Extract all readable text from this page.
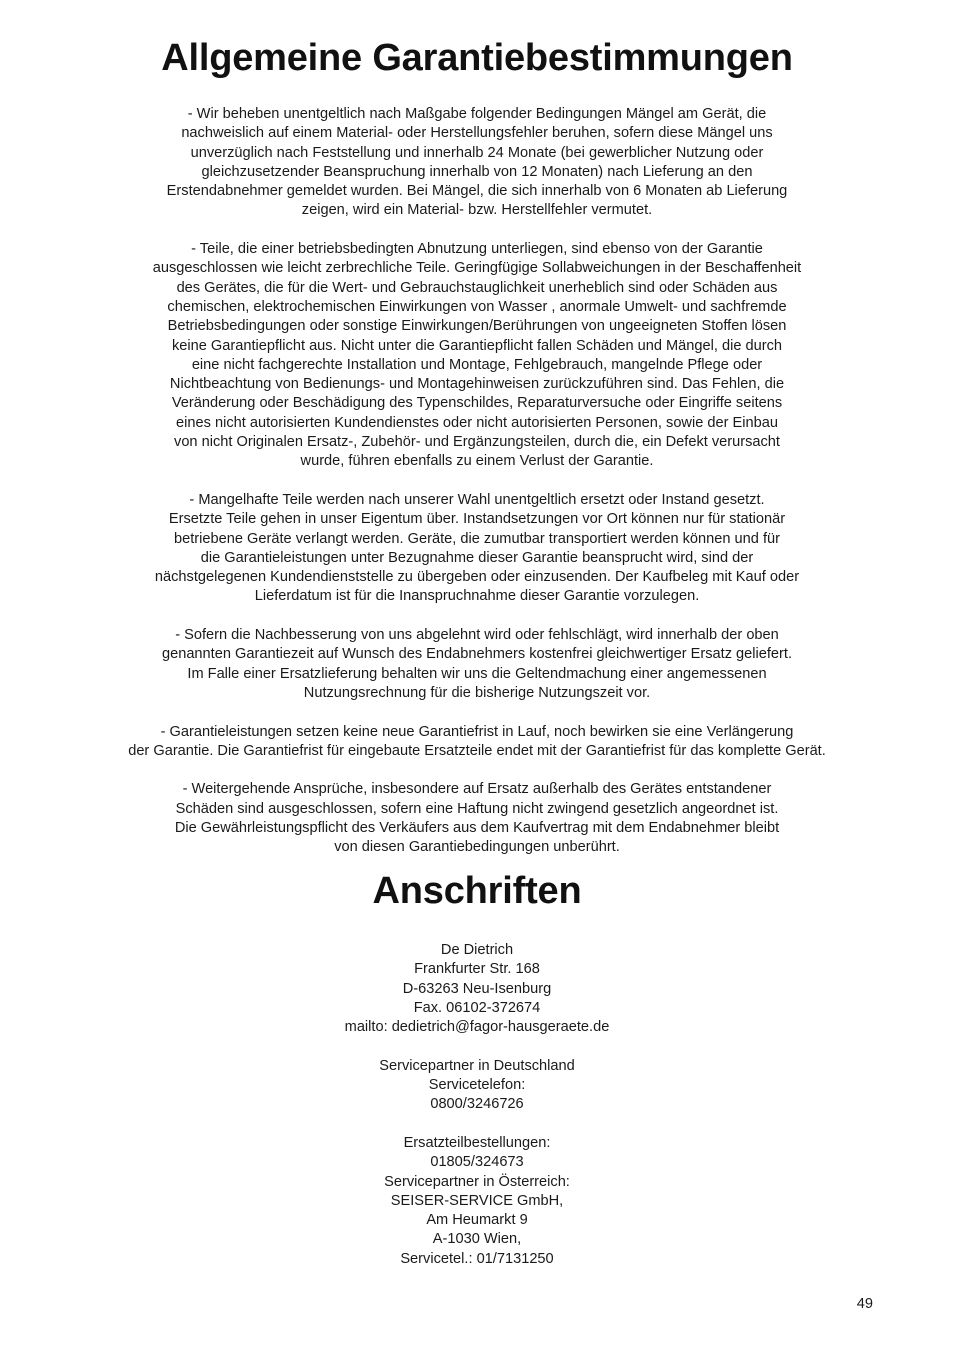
Allgemeine Garantiebestimmungen

- Wir beheben unentgeltlich nach Maßgabe folgender Bedingungen Mängel am Gerät, die
nachweislich auf einem Material- oder Herstellungsfehler beruhen, sofern diese Mängel uns
unverzüglich nach Feststellung und innerhalb 24 Monate (bei gewerblicher Nutzung oder
gleichzusetzender Beanspruchung innerhalb von 12 Monaten) nach Lieferung an den
Erstendabnehmer gemeldet wurden. Bei Mängel, die sich innerhalb von 6 Monaten ab Lieferung
zeigen, wird ein Material- bzw. Herstellfehler vermutet.

- Teile, die einer betriebsbedingten Abnutzung unterliegen, sind ebenso von der Garantie
ausgeschlossen wie leicht zerbrechliche Teile. Geringfügige Sollabweichungen in der Beschaffenheit
des Gerätes, die für die Wert- und Gebrauchstauglichkeit unerheblich sind oder Schäden aus
chemischen, elektrochemischen Einwirkungen von Wasser , anormale Umwelt- und sachfremde
Betriebsbedingungen oder sonstige Einwirkungen/Berührungen von ungeeigneten Stoffen lösen
keine Garantiepflicht aus. Nicht unter die Garantiepflicht fallen Schäden und Mängel, die durch
eine nicht fachgerechte Installation und Montage, Fehlgebrauch, mangelnde Pflege oder
Nichtbeachtung von Bedienungs- und Montagehinweisen zurückzuführen sind. Das Fehlen, die
Veränderung oder Beschädigung des Typenschildes, Reparaturversuche oder Eingriffe seitens
eines nicht autorisierten Kundendienstes oder nicht autorisierten Personen, sowie der Einbau
von nicht Originalen Ersatz-, Zubehör- und Ergänzungsteilen, durch die, ein Defekt verursacht
wurde, führen ebenfalls zu einem Verlust der Garantie.

- Mangelhafte Teile werden nach unserer Wahl unentgeltlich ersetzt oder Instand gesetzt.
Ersetzte Teile gehen in unser Eigentum über. Instandsetzungen vor Ort können nur für stationär
betriebene Geräte verlangt werden. Geräte, die zumutbar transportiert werden können und für
die Garantieleistungen unter Bezugnahme dieser Garantie beansprucht wird, sind der
nächstgelegenen Kundendienststelle zu übergeben oder einzusenden. Der Kaufbeleg mit Kauf oder
Lieferdatum ist für die Inanspruchnahme dieser Garantie vorzulegen.

- Sofern die Nachbesserung von uns abgelehnt wird oder fehlschlägt, wird innerhalb der oben
genannten Garantiezeit auf Wunsch des Endabnehmers kostenfrei gleichwertiger Ersatz geliefert.
Im Falle einer Ersatzlieferung behalten wir uns die Geltendmachung einer angemessenen
Nutzungsrechnung für die bisherige Nutzungszeit vor.

- Garantieleistungen setzen keine neue Garantiefrist in Lauf, noch bewirken sie eine Verlängerung
der Garantie. Die Garantiefrist für eingebaute Ersatzteile endet mit der Garantiefrist für das komplette Gerät.

- Weitergehende Ansprüche, insbesondere auf Ersatz außerhalb des Gerätes entstandener
Schäden sind ausgeschlossen, sofern eine Haftung nicht zwingend gesetzlich angeordnet ist.
Die Gewährleistungspflicht des Verkäufers aus dem Kaufvertrag mit dem Endabnehmer bleibt
von diesen Garantiebedingungen unberührt.

Anschriften
De Dietrich
Frankfurter Str. 168
D-63263 Neu-Isenburg
Fax. 06102-372674
mailto: dedietrich@fagor-hausgeraete.de
Servicepartner in Deutschland
Servicetelefon:
0800/3246726
Ersatzteilbestellungen:
01805/324673
Servicepartner in Österreich:
SEISER-SERVICE GmbH,
Am Heumarkt 9
A-1030 Wien,
Servicetel.: 01/7131250
49
